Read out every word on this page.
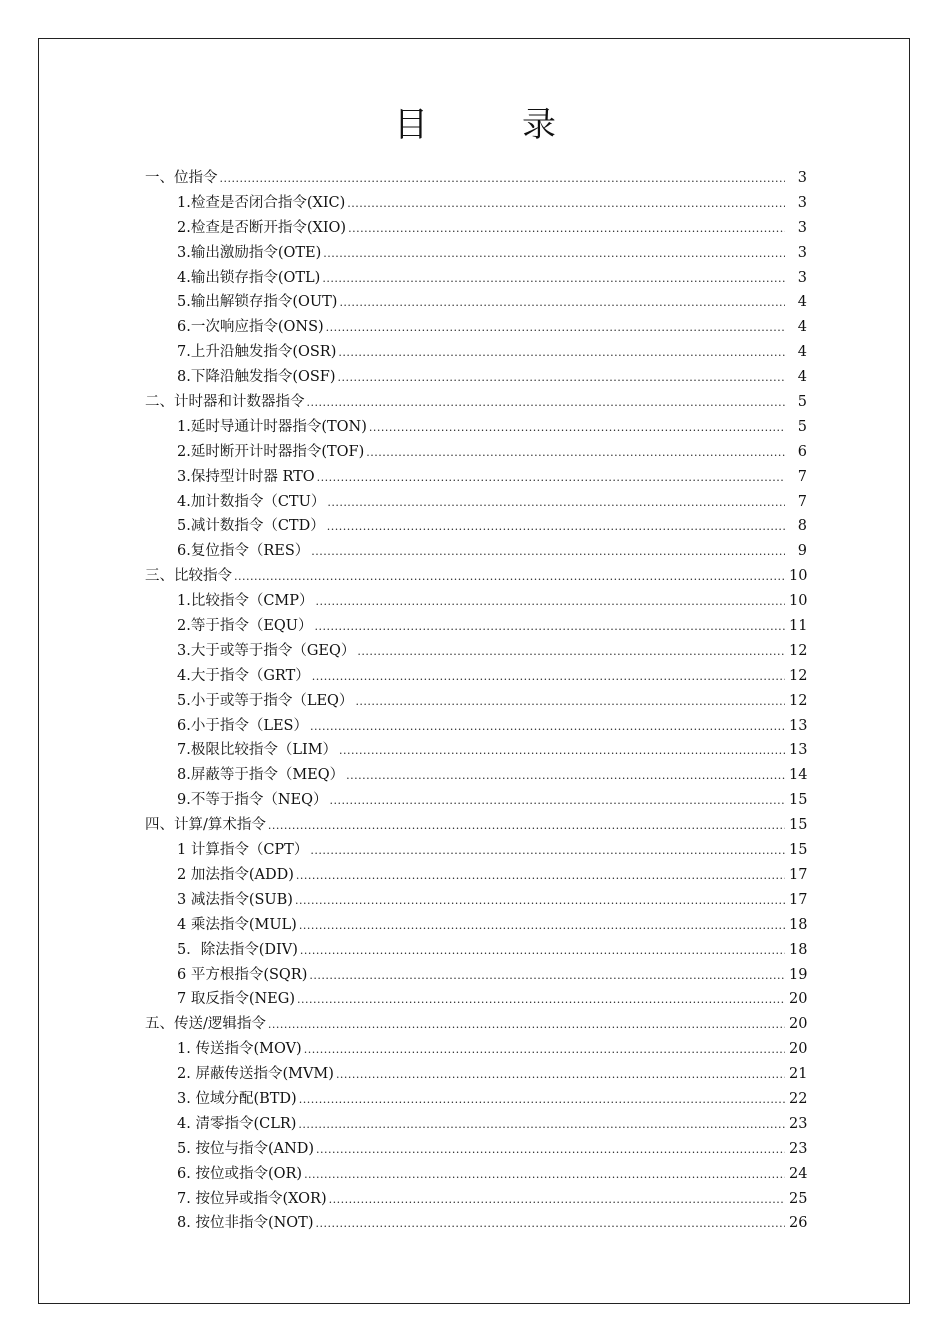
目　录
一、位指令 .....	3
1.检查是否闭合指令(XIC) .....	3
2.检查是否断开指令(XIO) .....	3
3.输出激励指令(OTE) .....	3
4.输出锁存指令(OTL) .....	3
5.输出解锁存指令(OUT) .....	4
6.一次响应指令(ONS) .....	4
7.上升沿触发指令(OSR) .....	4
8.下降沿触发指令(OSF) .....	4
二、计时器和计数器指令 .....	5
1.延时导通计时器指令(TON) .....	5
2.延时断开计时器指令(TOF) .....	6
3.保持型计时器 RTO .....	7
4.加计数指令（CTU） .....	7
5.减计数指令（CTD） .....	8
6.复位指令（RES） .....	9
三、比较指令 .....	10
1.比较指令（CMP） .....	10
2.等于指令（EQU） .....	11
3.大于或等于指令（GEQ） .....	12
4.大于指令（GRT） .....	12
5.小于或等于指令（LEQ） .....	12
6.小于指令（LES） .....	13
7.极限比较指令（LIM） .....	13
8.屏蔽等于指令（MEQ） .....	14
9.不等于指令（NEQ） .....	15
四、计算/算术指令 .....	15
1 计算指令（CPT） .....	15
2 加法指令(ADD) .....	17
3 减法指令(SUB) .....	17
4 乘法指令(MUL) .....	18
5．除法指令(DIV) .....	18
6 平方根指令(SQR) .....	19
7 取反指令(NEG) .....	20
五、传送/逻辑指令 .....	20
1. 传送指令(MOV) .....	20
2. 屏蔽传送指令(MVM) .....	21
3. 位域分配(BTD) .....	22
4. 清零指令(CLR) .....	23
5. 按位与指令(AND) .....	23
6. 按位或指令(OR) .....	24
7. 按位异或指令(XOR) .....	25
8. 按位非指令(NOT) .....	26
